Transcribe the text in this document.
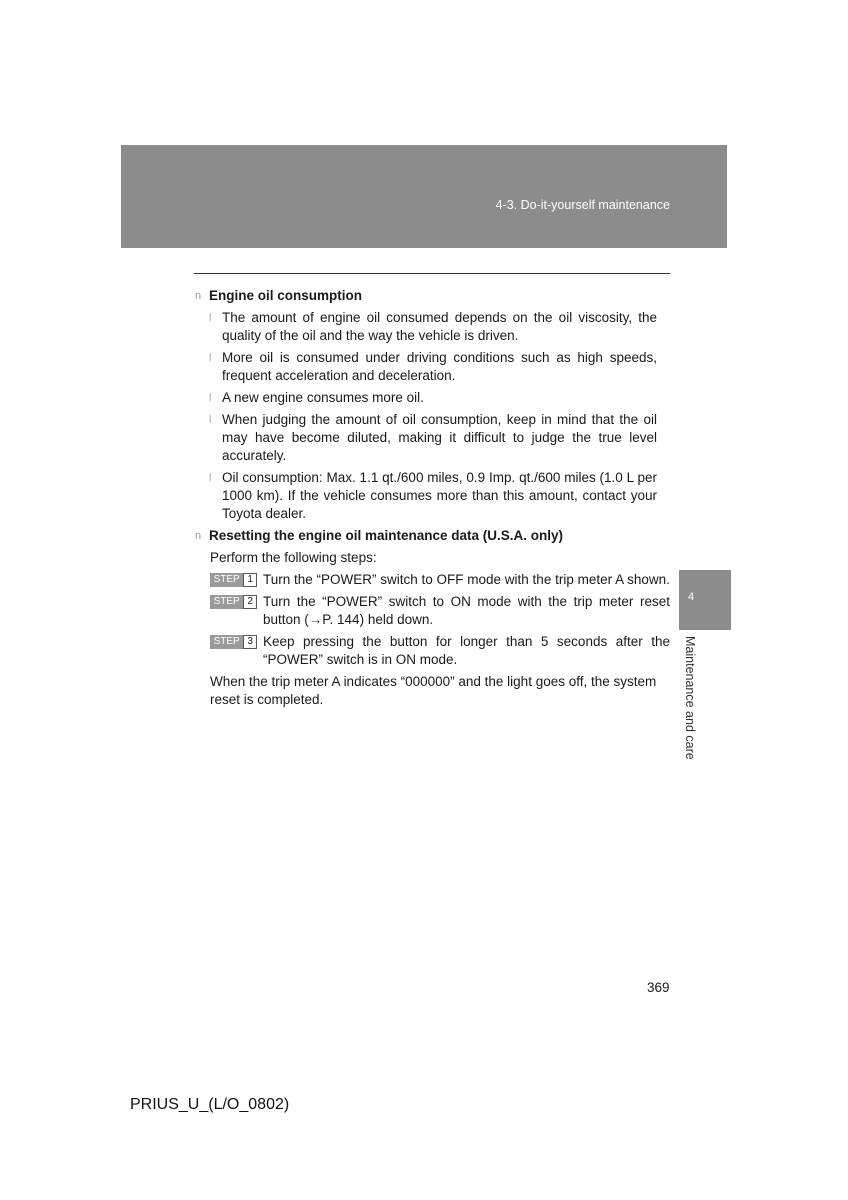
4-3. Do-it-yourself maintenance
4
Maintenance and care
n Engine oil consumption
l The amount of engine oil consumed depends on the oil viscosity, the quality of the oil and the way the vehicle is driven.
l More oil is consumed under driving conditions such as high speeds, frequent acceleration and deceleration.
l A new engine consumes more oil.
l When judging the amount of oil consumption, keep in mind that the oil may have become diluted, making it difficult to judge the true level accurately.
l Oil consumption: Max. 1.1 qt./600 miles, 0.9 Imp. qt./600 miles (1.0 L per 1000 km). If the vehicle consumes more than this amount, contact your Toyota dealer.
n Resetting the engine oil maintenance data (U.S.A. only)
Perform the following steps:
STEP 1 Turn the “POWER” switch to OFF mode with the trip meter A shown.
STEP 2 Turn the “POWER” switch to ON mode with the trip meter reset button (→P. 144) held down.
STEP 3 Keep pressing the button for longer than 5 seconds after the “POWER” switch is in ON mode.
When the trip meter A indicates “000000” and the light goes off, the system reset is completed.
369
PRIUS_U_(L/O_0802)
